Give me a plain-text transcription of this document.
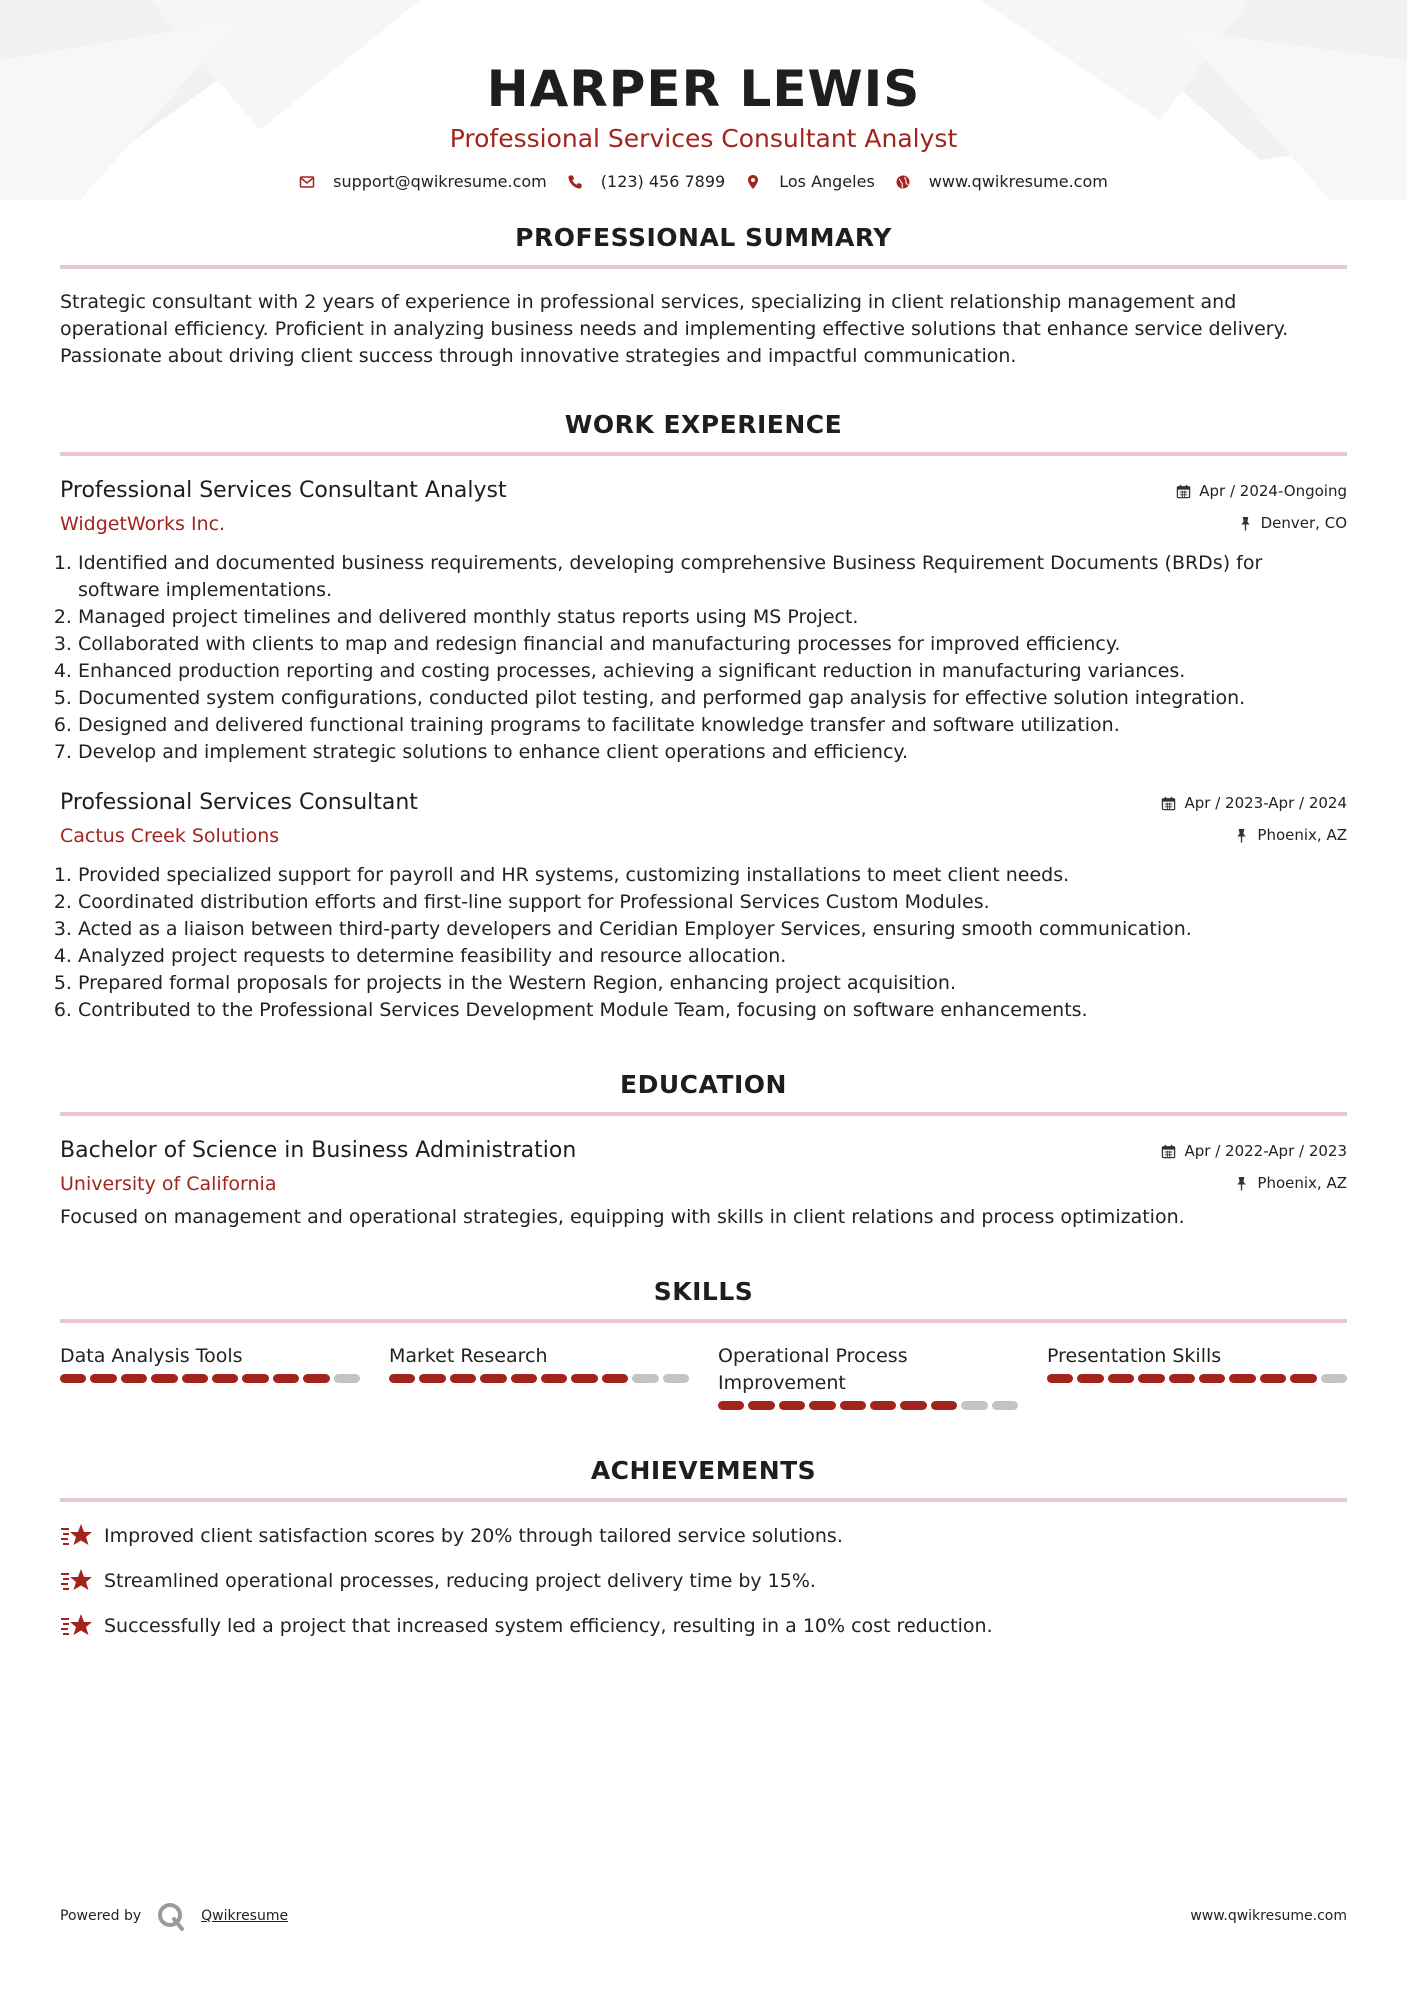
HARPER LEWIS
Professional Services Consultant Analyst
support@qwikresume.com	(123) 456 7899	Los Angeles	www.qwikresume.com
PROFESSIONAL SUMMARY

Strategic consultant with 2 years of experience in professional services, specializing in client relationship management and operational efficiency. Proficient in analyzing business needs and implementing effective solutions that enhance service delivery. Passionate about driving client success through innovative strategies and impactful communication.

WORK EXPERIENCE
Professional Services Consultant Analyst
WidgetWorks Inc.
Apr / 2024-Ongoing
Denver, CO
1. Identified and documented business requirements, developing comprehensive Business Requirement Documents (BRDs) for software implementations.
2. Managed project timelines and delivered monthly status reports using MS Project.
3. Collaborated with clients to map and redesign financial and manufacturing processes for improved efficiency.
4. Enhanced production reporting and costing processes, achieving a significant reduction in manufacturing variances.
5. Documented system configurations, conducted pilot testing, and performed gap analysis for effective solution integration.
6. Designed and delivered functional training programs to facilitate knowledge transfer and software utilization.
7. Develop and implement strategic solutions to enhance client operations and efficiency.
Professional Services Consultant
Cactus Creek Solutions
Apr / 2023-Apr / 2024
Phoenix, AZ
1. Provided specialized support for payroll and HR systems, customizing installations to meet client needs.
2. Coordinated distribution efforts and first-line support for Professional Services Custom Modules.
3. Acted as a liaison between third-party developers and Ceridian Employer Services, ensuring smooth communication.
4. Analyzed project requests to determine feasibility and resource allocation.
5. Prepared formal proposals for projects in the Western Region, enhancing project acquisition.
6. Contributed to the Professional Services Development Module Team, focusing on software enhancements.
EDUCATION
Bachelor of Science in Business Administration
University of California
Apr / 2022-Apr / 2023
Phoenix, AZ
Focused on management and operational strategies, equipping with skills in client relations and process optimization.
SKILLS
Data Analysis Tools	Market Research	Operational Process Improvement
Presentation Skills
ACHIEVEMENTS
Improved client satisfaction scores by 20% through tailored service solutions.
Streamlined operational processes, reducing project delivery time by 15%.
Successfully led a project that increased system efficiency, resulting in a 10% cost reduction.
Powered by	Qwikresume	www.qwikresume.com
